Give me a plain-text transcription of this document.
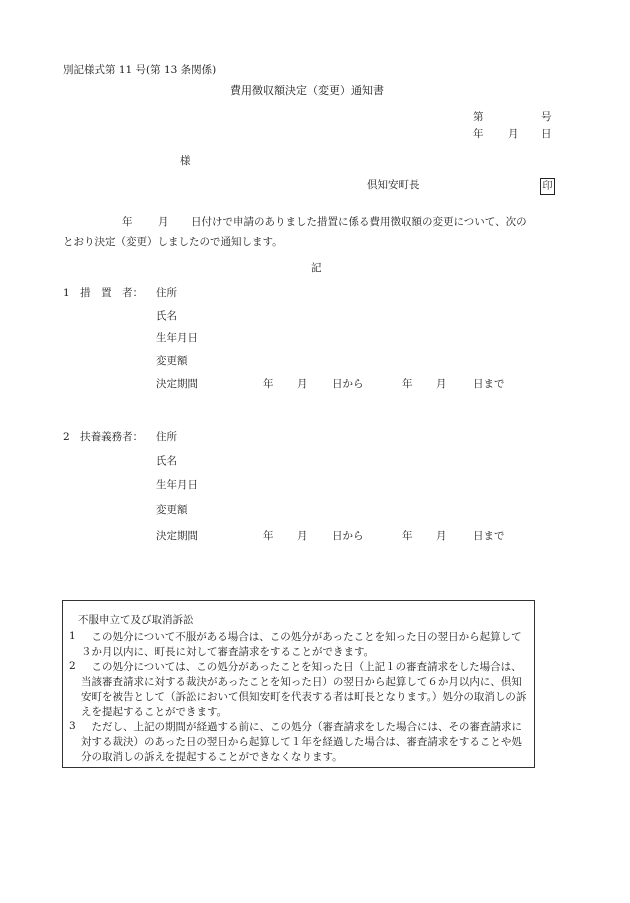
別記様式第 11 号(第 13 条関係)
費用徴収額決定（変更）通知書
第	号
年 月 日
様
倶知安町長	印
年 月 日付けで申請のありました措置に係る費用徴収額の変更について、次の
とおり決定（変更）しましたので通知します。
記
1　措　置　者： 住所
氏名
生年月日
変更額
決定期間	年 月 日から	年 月	日まで
2　扶養義務者： 住所
氏名
生年月日
変更額
決定期間	年 月 日から	年 月	日まで
不服申立て及び取消訴訟
1 　この処分について不服がある場合は、この処分があったことを知った日の翌日から起算して３か月以内に、町長に対して審査請求をすることができます。
2 　この処分については、この処分があったことを知った日（上記１の審査請求をした場合は、当該審査請求に対する裁決があったことを知った日）の翌日から起算して６か月以内に、倶知安町を被告として（訴訟において倶知安町を代表する者は町長となります。）処分の取消しの訴えを提起することができます。
3 　ただし、上記の期間が経過する前に、この処分（審査請求をした場合には、その審査請求に対する裁決）のあった日の翌日から起算して１年を経過した場合は、審査請求をすることや処分の取消しの訴えを提起することができなくなります。
